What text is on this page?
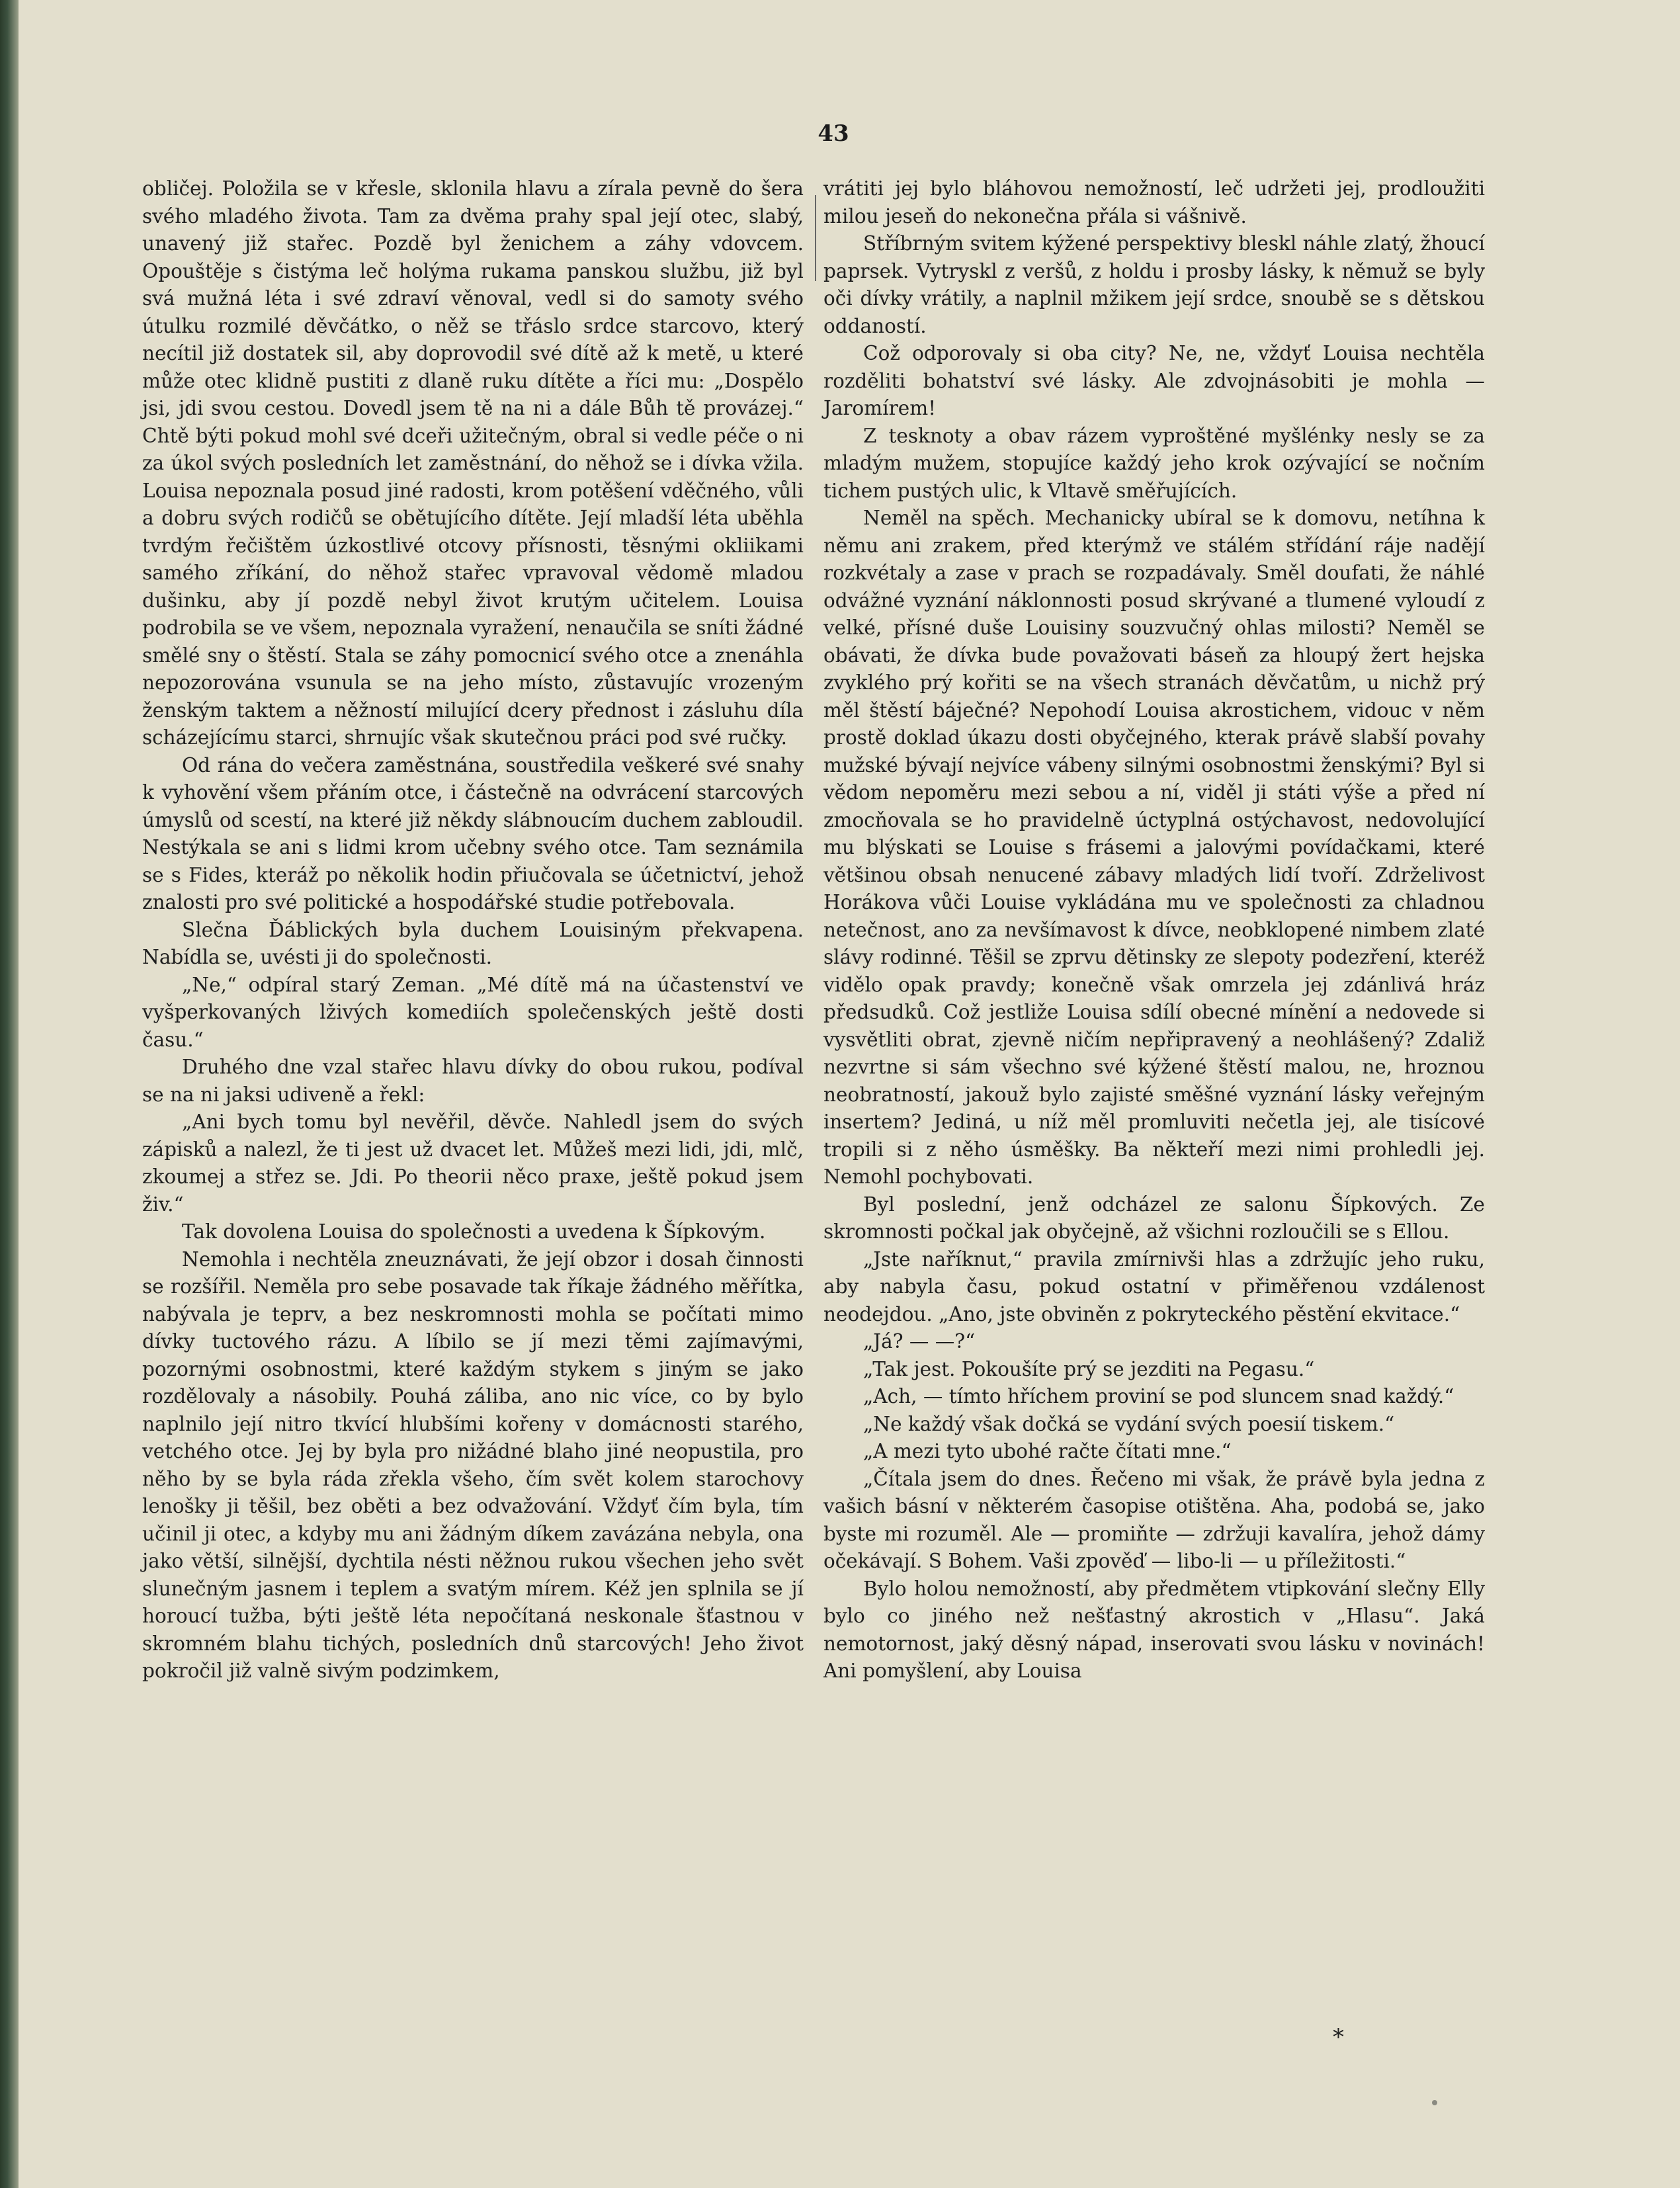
43

obličej. Položila se v křesle, sklonila hlavu a zírala pevně do šera svého mladého života. Tam za dvěma prahy spal její otec, slabý, unavený již stařec. Pozdě byl ženichem a záhy vdovcem. Opouštěje s čistýma leč holýma rukama panskou službu, již byl svá mužná léta i své zdraví věnoval, vedl si do samoty svého útulku rozmilé děvčátko, o něž se třáslo srdce starcovo, který necítil již dostatek sil, aby doprovodil své dítě až k metě, u které může otec klidně pustiti z dlaně ruku dítěte a říci mu: „Dospělo jsi, jdi svou cestou. Dovedl jsem tě na ni a dále Bůh tě provázej.“ Chtě býti pokud mohl své dceři užitečným, obral si vedle péče o ni za úkol svých posledních let zaměstnání, do něhož se i dívka vžila. Louisa nepoznala posud jiné radosti, krom potěšení vděčného, vůli a dobru svých rodičů se obětujícího dítěte. Její mladší léta uběhla tvrdým řečištěm úzkostlivé otcovy přísnosti, těsnými okliikami samého zříkání, do něhož stařec vpravoval vědomě mladou dušinku, aby jí pozdě nebyl život krutým učitelem. Louisa podrobila se ve všem, nepoznala vyražení, nenaučila se sníti žádné smělé sny o štěstí. Stala se záhy pomocnicí svého otce a znenáhla nepozorována vsunula se na jeho místo, zůstavujíc vrozeným ženským taktem a něžností milující dcery přednost i zásluhu díla scházejícímu starci, shrnujíc však skutečnou práci pod své ručky.

Od rána do večera zaměstnána, soustředila veškeré své snahy k vyhovění všem přáním otce, i částečně na odvrácení starcových úmyslů od scestí, na které již někdy slábnoucím duchem zabloudil. Nestýkala se ani s lidmi krom učebny svého otce. Tam seznámila se s Fides, kteráž po několik hodin přiučovala se účetnictví, jehož znalosti pro své politické a hospodářské studie potřebovala.

Slečna Ďáblických byla duchem Louisiným překvapena. Nabídla se, uvésti ji do společnosti.

„Ne,“ odpíral starý Zeman. „Mé dítě má na účastenství ve vyšperkovaných lživých komediích společenských ještě dosti času.“

Druhého dne vzal stařec hlavu dívky do obou rukou, podíval se na ni jaksi udiveně a řekl:

„Ani bych tomu byl nevěřil, děvče. Nahledl jsem do svých zápisků a nalezl, že ti jest už dvacet let. Můžeš mezi lidi, jdi, mlč, zkoumej a střez se. Jdi. Po theorii něco praxe, ještě pokud jsem živ.“

Tak dovolena Louisa do společnosti a uvedena k Šípkovým.

Nemohla i nechtěla zneuznávati, že její obzor i dosah činnosti se rozšířil. Neměla pro sebe posavade tak říkaje žádného měřítka, nabývala je teprv, a bez neskromnosti mohla se počítati mimo dívky tuctového rázu. A líbilo se jí mezi těmi zajímavými, pozornými osobnostmi, které každým stykem s jiným se jako rozdělovaly a násobily. Pouhá záliba, ano nic více, co by bylo naplnilo její nitro tkvící hlubšími kořeny v domácnosti starého, vetchého otce. Jej by byla pro nižádné blaho jiné neopustila, pro něho by se byla ráda zřekla všeho, čím svět kolem starochovy lenošky ji těšil, bez oběti a bez odvažování. Vždyť čím byla, tím učinil ji otec, a kdyby mu ani žádným díkem zavázána nebyla, ona jako větší, silnější, dychtila nésti něžnou rukou všechen jeho svět slunečným jasnem i teplem a svatým mírem. Kéž jen splnila se jí horoucí tužba, býti ještě léta nepočítaná neskonale šťastnou v skromném blahu tichých, posledních dnů starcových! Jeho život pokročil již valně sivým podzimkem,

vrátiti jej bylo bláhovou nemožností, leč udržeti jej, prodloužiti milou jeseň do nekonečna přála si vášnivě.

Stříbrným svitem kýžené perspektivy bleskl náhle zlatý, žhoucí paprsek. Vytryskl z veršů, z holdu i prosby lásky, k němuž se byly oči dívky vrátily, a naplnil mžikem její srdce, snoubě se s dětskou oddaností.

Což odporovaly si oba city? Ne, ne, vždyť Louisa nechtěla rozděliti bohatství své lásky. Ale zdvojnásobiti je mohla — Jaromírem!

Z tesknoty a obav rázem vyproštěné myšlénky nesly se za mladým mužem, stopujíce každý jeho krok ozývající se nočním tichem pustých ulic, k Vltavě směřujících.

Neměl na spěch. Mechanicky ubíral se k domovu, netíhna k němu ani zrakem, před kterýmž ve stálém střídání ráje nadějí rozkvétaly a zase v prach se rozpadávaly. Směl doufati, že náhlé odvážné vyznání náklonnosti posud skrývané a tlumené vyloudí z velké, přísné duše Louisiny souzvučný ohlas milosti? Neměl se obávati, že dívka bude považovati báseň za hloupý žert hejska zvyklého prý kořiti se na všech stranách děvčatům, u nichž prý měl štěstí báječné? Nepohodí Louisa akrostichem, vidouc v něm prostě doklad úkazu dosti obyčejného, kterak právě slabší povahy mužské bývají nejvíce vábeny silnými osobnostmi ženskými? Byl si vědom nepoměru mezi sebou a ní, viděl ji státi výše a před ní zmocňovala se ho pravidelně úctyplná ostýchavost, nedovolující mu blýskati se Louise s frásemi a jalovými povídačkami, které většinou obsah nenucené zábavy mladých lidí tvoří. Zdrželivost Horákova vůči Louise vykládána mu ve společnosti za chladnou netečnost, ano za nevšímavost k dívce, neobklopené nimbem zlaté slávy rodinné. Těšil se zprvu dětinsky ze slepoty podezření, kteréž vidělo opak pravdy; konečně však omrzela jej zdánlivá hráz předsudků. Což jestliže Louisa sdílí obecné mínění a nedovede si vysvětliti obrat, zjevně ničím nepřipravený a neohlášený? Zdaliž nezvrtne si sám všechno své kýžené štěstí malou, ne, hroznou neobratností, jakouž bylo zajisté směšné vyznání lásky veřejným insertem? Jediná, u níž měl promluviti nečetla jej, ale tisícové tropili si z něho úsměšky. Ba někteří mezi nimi prohledli jej. Nemohl pochybovati.

Byl poslední, jenž odcházel ze salonu Šípkových. Ze skromnosti počkal jak obyčejně, až všichni rozloučili se s Ellou.

„Jste naříknut,“ pravila zmírnivši hlas a zdržujíc jeho ruku, aby nabyla času, pokud ostatní v přiměřenou vzdálenost neodejdou. „Ano, jste obviněn z pokryteckého pěstění ekvitace.“

„Já? — —?“

„Tak jest. Pokoušíte prý se jezditi na Pegasu.“

„Ach, — tímto hříchem proviní se pod sluncem snad každý.“

„Ne každý však dočká se vydání svých poesií tiskem.“

„A mezi tyto ubohé račte čítati mne.“

„Čítala jsem do dnes. Řečeno mi však, že právě byla jedna z vašich básní v některém časopise otištěna. Aha, podobá se, jako byste mi rozuměl. Ale — promiňte — zdržuji kavalíra, jehož dámy očekávají. S Bohem. Vaši zpověď — libo-li — u příležitosti.“

Bylo holou nemožností, aby předmětem vtipkování slečny Elly bylo co jiného než nešťastný akrostich v „Hlasu“. Jaká nemotornost, jaký děsný nápad, inserovati svou lásku v novinách! Ani pomyšlení, aby Louisa

*
